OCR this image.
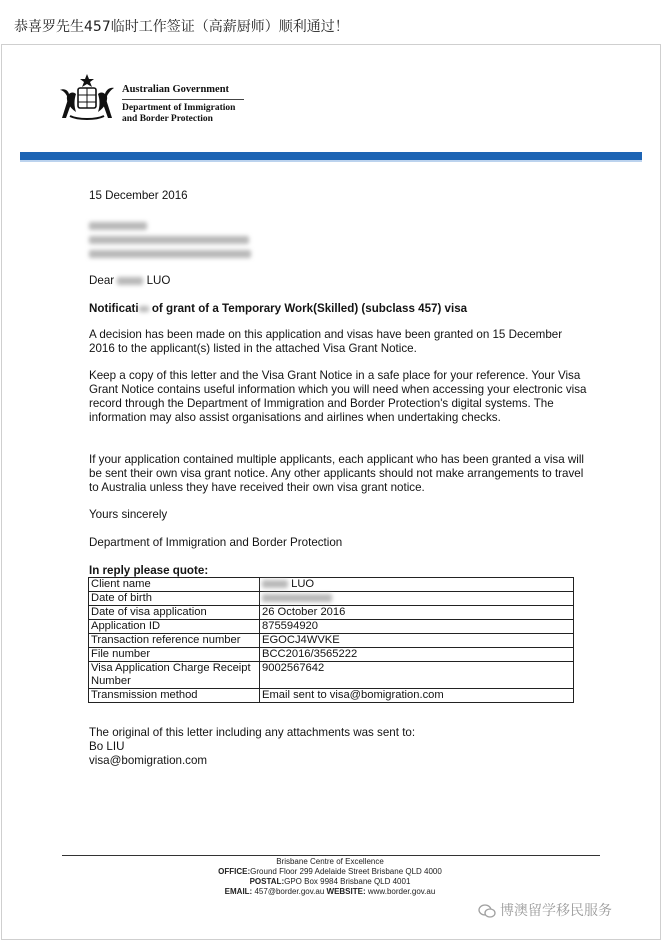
恭喜罗先生457临时工作签证（高薪厨师）顺利通过！
Australian Government
Department of Immigration
and Border Protection
15 December 2016
Dear	LUO
Notificati of grant of a Temporary Work(Skilled) (subclass 457) visa
A decision has been made on this application and visas have been granted on 15 December 2016 to the applicant(s) listed in the attached Visa Grant Notice.
Keep a copy of this letter and the Visa Grant Notice in a safe place for your reference. Your Visa Grant Notice contains useful information which you will need when accessing your electronic visa record through the Department of Immigration and Border Protection's digital systems. The information may also assist organisations and airlines when undertaking checks.
If your application contained multiple applicants, each applicant who has been granted a visa will be sent their own visa grant notice. Any other applicants should not make arrangements to travel to Australia unless they have received their own visa grant notice.
Yours sincerely
Department of Immigration and Border Protection
In reply please quote:
Client name	LUO
Date of birth	
Date of visa application	26 October 2016
Application ID	875594920
Transaction reference number	EGOCJ4WVKE
File number	BCC2016/3565222
Visa Application Charge Receipt Number	9002567642
Transmission method	Email sent to visa@bomigration.com
The original of this letter including any attachments was sent to:
Bo LIU
visa@bomigration.com
Brisbane Centre of Excellence
OFFICE:Ground Floor 299 Adelaide Street Brisbane QLD 4000
POSTAL:GPO Box 9984 Brisbane QLD 4001
EMAIL: 457@border.gov.au WEBSITE: www.border.gov.au
博澳留学移民服务
